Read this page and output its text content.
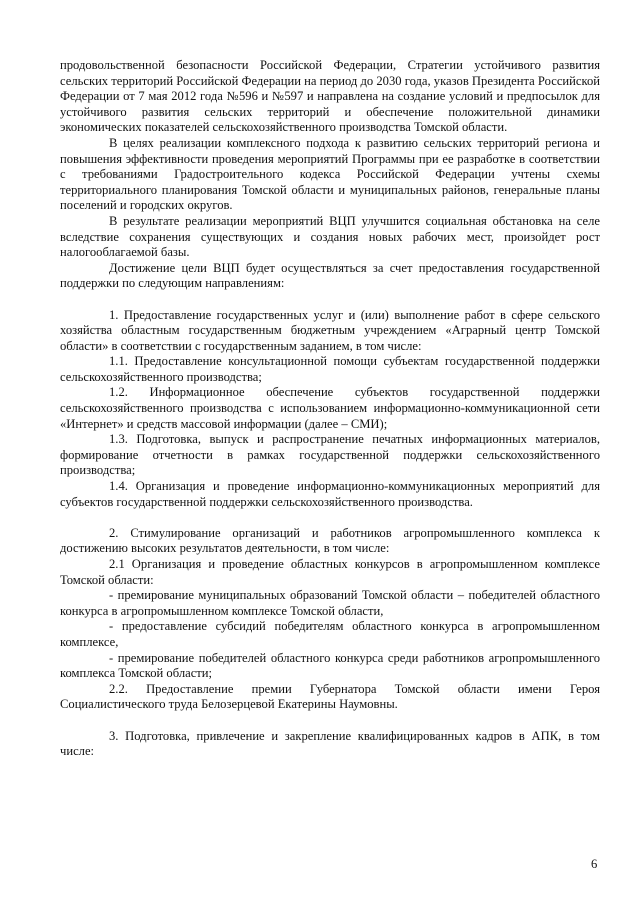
продовольственной безопасности Российской Федерации, Стратегии устойчивого развития сельских территорий Российской Федерации на период до 2030 года, указов Президента Российской Федерации от 7 мая 2012 года №596 и №597 и направлена на создание условий и предпосылок для устойчивого развития сельских территорий и обеспечение положительной динамики экономических показателей сельскохозяйственного производства Томской области.

В целях реализации комплексного подхода к развитию сельских территорий региона и повышения эффективности проведения мероприятий Программы при ее разработке в соответствии с требованиями Градостроительного кодекса Российской Федерации учтены схемы территориального планирования Томской области и муниципальных районов, генеральные планы поселений и городских округов.

В результате реализации мероприятий ВЦП улучшится социальная обстановка на селе вследствие сохранения существующих и создания новых рабочих мест, произойдет рост налогооблагаемой базы.

Достижение цели ВЦП будет осуществляться за счет предоставления государственной поддержки по следующим направлениям:

1. Предоставление государственных услуг и (или) выполнение работ в сфере сельского хозяйства областным государственным бюджетным учреждением «Аграрный центр Томской области» в соответствии с государственным заданием, в том числе:

1.1. Предоставление консультационной помощи субъектам государственной поддержки сельскохозяйственного производства;

1.2. Информационное обеспечение субъектов государственной поддержки сельскохозяйственного производства с использованием информационно-коммуникационной сети «Интернет» и средств массовой информации (далее – СМИ);

1.3. Подготовка, выпуск и распространение печатных информационных материалов, формирование отчетности в рамках государственной поддержки сельскохозяйственного производства;

1.4. Организация и проведение информационно-коммуникационных мероприятий для субъектов государственной поддержки сельскохозяйственного производства.

2. Стимулирование организаций и работников агропромышленного комплекса к достижению высоких результатов деятельности, в том числе:

2.1 Организация и проведение областных конкурсов в агропромышленном комплексе Томской области:

- премирование муниципальных образований Томской области – победителей областного конкурса в агропромышленном комплексе Томской области,

- предоставление субсидий победителям областного конкурса в агропромышленном комплексе,

- премирование победителей областного конкурса среди работников агропромышленного комплекса Томской области;

2.2. Предоставление премии Губернатора Томской области имени Героя Социалистического труда Белозерцевой Екатерины Наумовны.

3. Подготовка, привлечение и закрепление квалифицированных кадров в АПК, в том числе:

6
